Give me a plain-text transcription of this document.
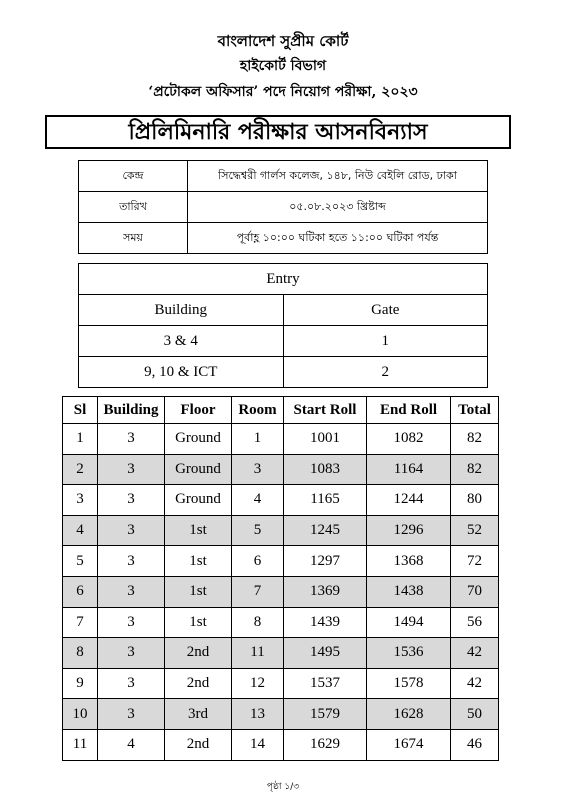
বাংলাদেশ সুপ্রীম কোর্ট
হাইকোর্ট বিভাগ
‘প্রটোকল অফিসার’ পদে নিয়োগ পরীক্ষা, ২০২৩
প্রিলিমিনারি পরীক্ষার আসনবিন্যাস
কেন্দ্র	সিদ্ধেশ্বরী গার্লস কলেজ, ১৪৮, নিউ বেইলি রোড, ঢাকা
তারিখ	০৫.০৮.২০২৩ খ্রিষ্টাব্দ
সময়	পূর্বাহ্ণ ১০:০০ ঘটিকা হতে ১১:০০ ঘটিকা পর্যন্ত
Entry	
Building	Gate
3 & 4	1
9, 10 & ICT	2
Sl	Building	Floor	Room	Start Roll	End Roll	Total
1	3	Ground	1	1001	1082	82
2	3	Ground	3	1083	1164	82
3	3	Ground	4	1165	1244	80
4	3	1st	5	1245	1296	52
5	3	1st	6	1297	1368	72
6	3	1st	7	1369	1438	70
7	3	1st	8	1439	1494	56
8	3	2nd	11	1495	1536	42
9	3	2nd	12	1537	1578	42
10	3	3rd	13	1579	1628	50
11	4	2nd	14	1629	1674	46
পৃষ্ঠা ১/৩
